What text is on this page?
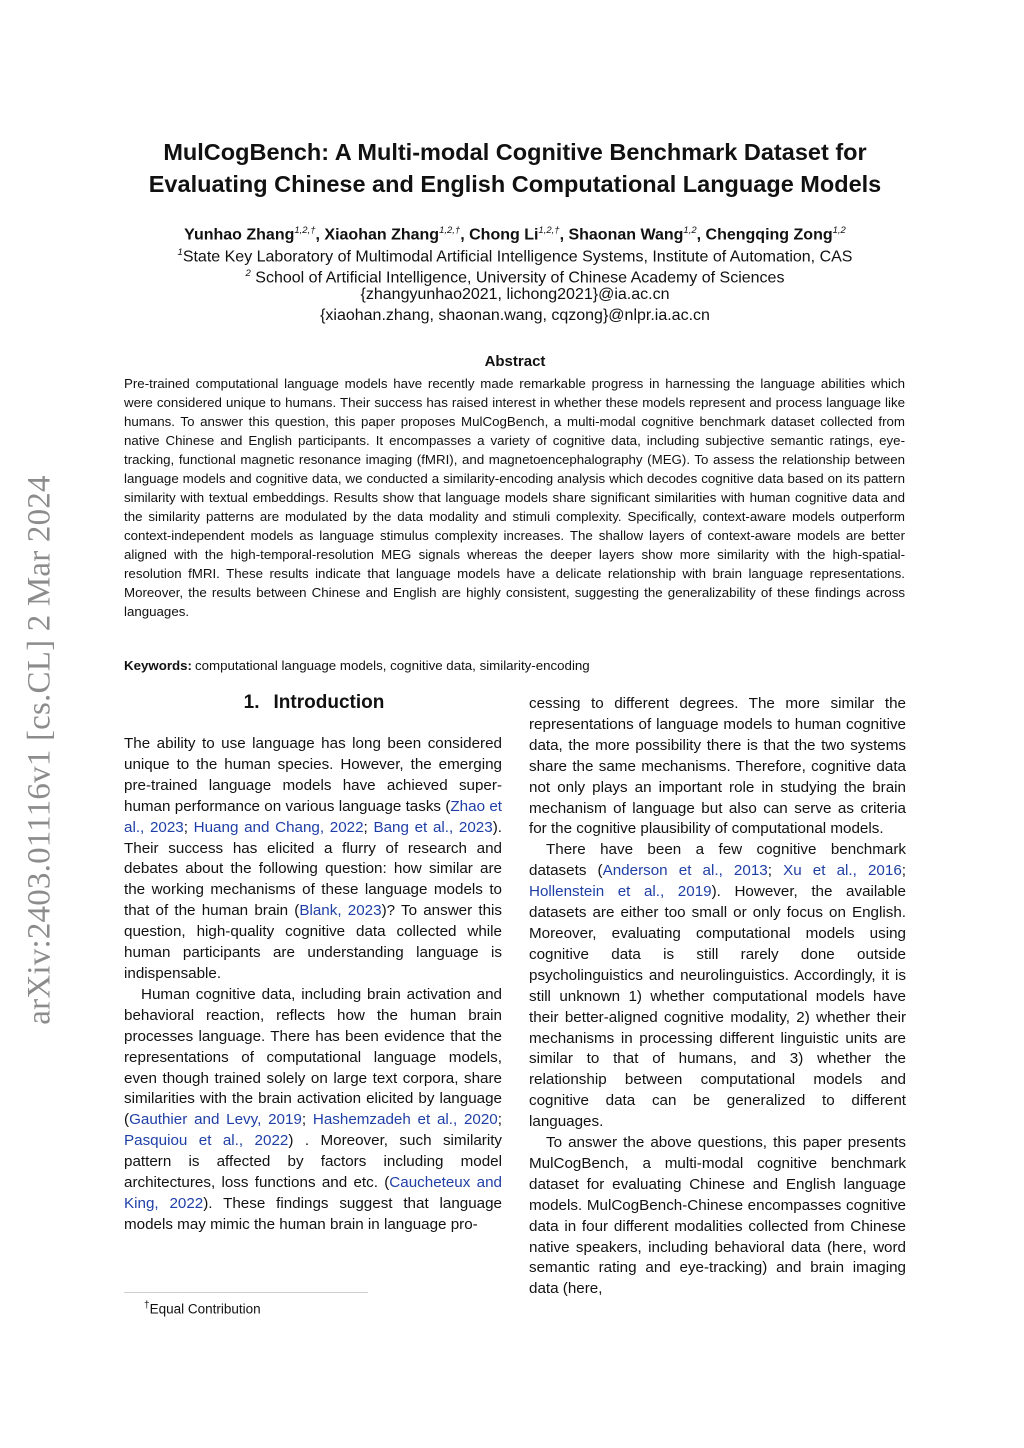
arXiv:2403.01116v1 [cs.CL] 2 Mar 2024
MulCogBench: A Multi-modal Cognitive Benchmark Dataset for
Evaluating Chinese and English Computational Language Models
Yunhao Zhang$^{1,2,\dagger}$, Xiaohan Zhang$^{1,2,\dagger}$, Chong $Li^{1,2,\dagger}$, Shaonan Wang$^{1,2}$, Chengqing Zong$^{1,2}$
$^1$State Key Laboratory of Multimodal Artificial Intelligence Systems, Institute of Automation, CAS
$^2$ School of Artificial Intelligence, University of Chinese Academy of Sciences
{zhangyunhao2021, lichong2021}@ia.ac.cn
{xiaohan.zhang, shaonan.wang, cqzong}@nlpr.ia.ac.cn
Abstract
Pre-trained computational language models have recently made remarkable progress in harnessing the language abilities which were considered unique to humans. Their success has raised interest in whether these models represent and process language like humans. To answer this question, this paper proposes MulCogBench, a multi-modal cognitive benchmark dataset collected from native Chinese and English participants. It encompasses a variety of cognitive data, including subjective semantic ratings, eye-tracking, functional magnetic resonance imaging (fMRI), and magnetoencephalography (MEG). To assess the relationship between language models and cognitive data, we conducted a similarity-encoding analysis which decodes cognitive data based on its pattern similarity with textual embeddings. Results show that language models share significant similarities with human cognitive data and the similarity patterns are modulated by the data modality and stimuli complexity. Specifically, context-aware models outperform context-independent models as language stimulus complexity increases. The shallow layers of context-aware models are better aligned with the high-temporal-resolution MEG signals whereas the deeper layers show more similarity with the high-spatial-resolution fMRI. These results indicate that language models have a delicate relationship with brain language representations. Moreover, the results between Chinese and English are highly consistent, suggesting the generalizability of these findings across languages.
Keywords: computational language models, cognitive data, similarity-encoding
1. Introduction

The ability to use language has long been considered unique to the human species. However, the emerging pre-trained language models have achieved super-human performance on various language tasks (Zhao et al., 2023; Huang and Chang, 2022; Bang et al., 2023). Their success has elicited a flurry of research and debates about the following question: how similar are the working mechanisms of these language models to that of the human brain (Blank, 2023)? To answer this question, high-quality cognitive data collected while human participants are understanding language is indispensable.

Human cognitive data, including brain activation and behavioral reaction, reflects how the human brain processes language. There has been evidence that the representations of computational language models, even though trained solely on large text corpora, share similarities with the brain activation elicited by language (Gauthier and Levy, 2019; Hashemzadeh et al., 2020; Pasquiou et al., 2022) . Moreover, such similarity pattern is affected by factors including model architectures, loss functions and etc. (Caucheteux and King, 2022). These findings suggest that language models may mimic the human brain in language pro-

cessing to different degrees. The more similar the representations of language models to human cognitive data, the more possibility there is that the two systems share the same mechanisms. Therefore, cognitive data not only plays an important role in studying the brain mechanism of language but also can serve as criteria for the cognitive plausibility of computational models.

There have been a few cognitive benchmark datasets (Anderson et al., 2013; Xu et al., 2016; Hollenstein et al., 2019). However, the available datasets are either too small or only focus on English. Moreover, evaluating computational models using cognitive data is still rarely done outside psycholinguistics and neurolinguistics. Accordingly, it is still unknown 1) whether computational models have their better-aligned cognitive modality, 2) whether their mechanisms in processing different linguistic units are similar to that of humans, and 3) whether the relationship between computational models and cognitive data can be generalized to different languages.

To answer the above questions, this paper presents MulCogBench, a multi-modal cognitive benchmark dataset for evaluating Chinese and English language models. MulCogBench-Chinese encompasses cognitive data in four different modalities collected from Chinese native speakers, including behavioral data (here, word semantic rating and eye-tracking) and brain imaging data (here,

†Equal Contribution
